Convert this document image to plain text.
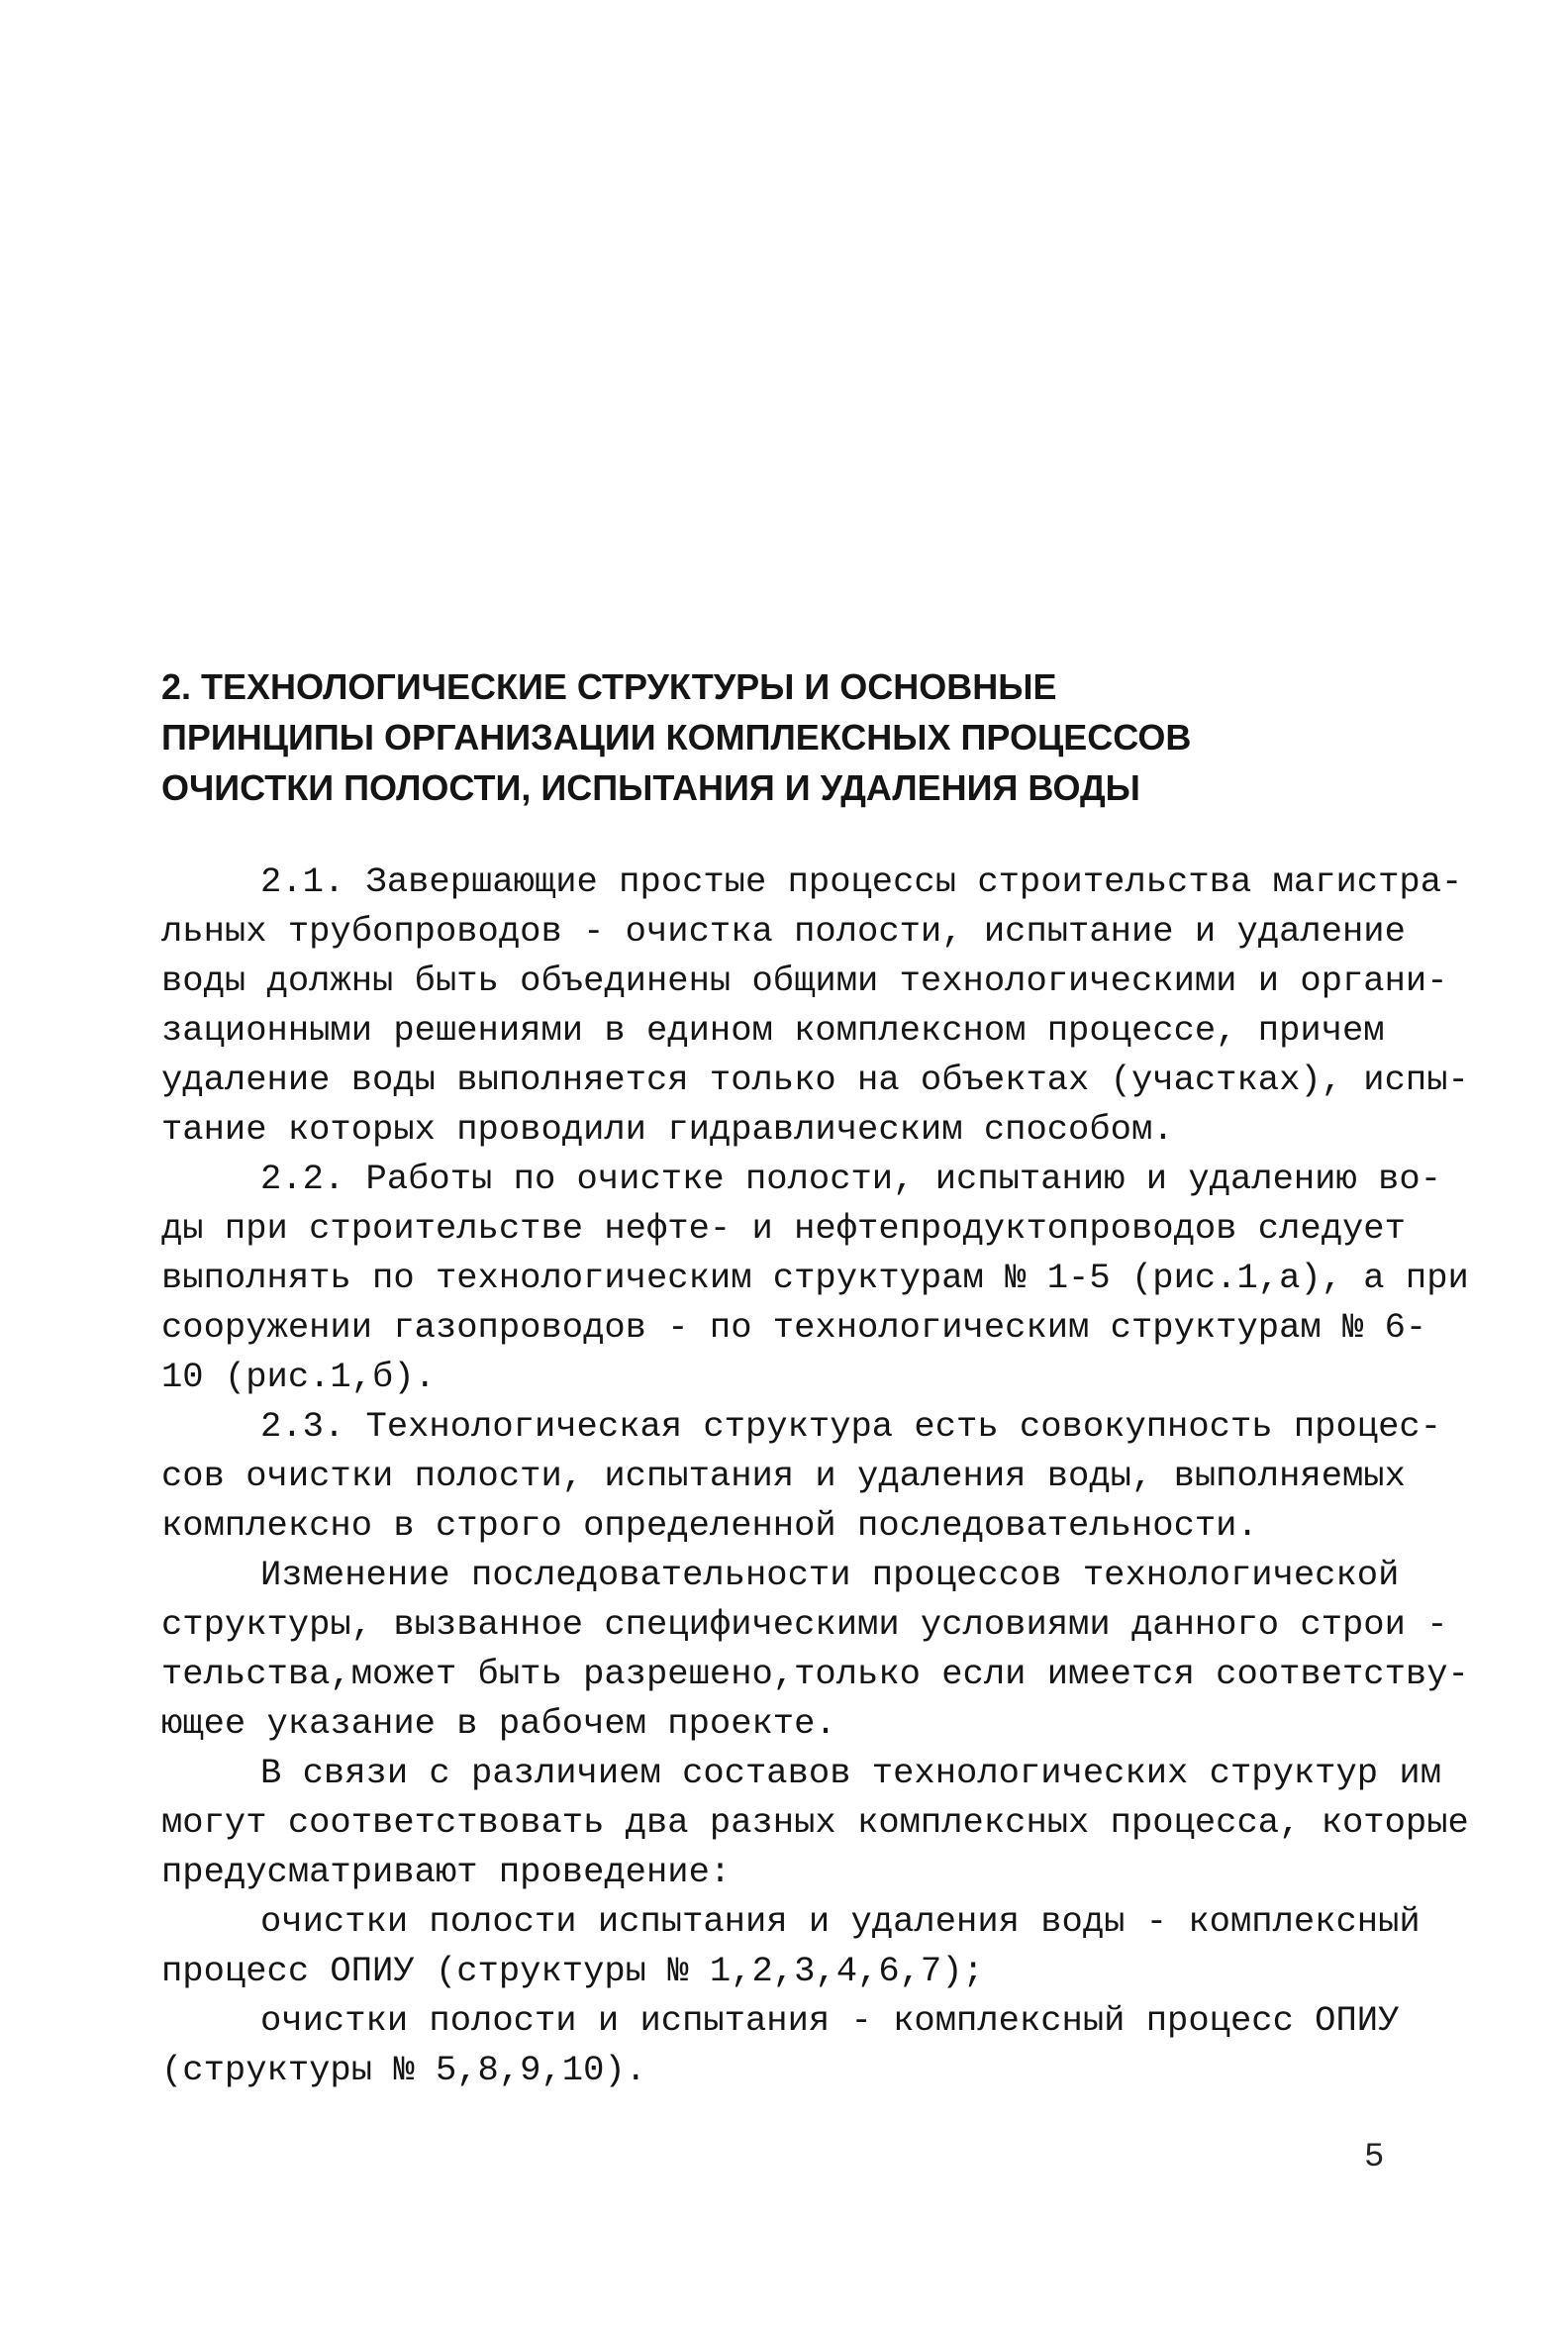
2. ТЕХНОЛОГИЧЕСКИЕ СТРУКТУРЫ И ОСНОВНЫЕ
ПРИНЦИПЫ ОРГАНИЗАЦИИ КОМПЛЕКСНЫХ ПРОЦЕССОВ
ОЧИСТКИ ПОЛОСТИ, ИСПЫТАНИЯ И УДАЛЕНИЯ ВОДЫ
2.1. Завершающие простые процессы строительства магистра-
льных трубопроводов - очистка полости, испытание и удаление
воды должны быть объединены общими технологическими и органи-
зационными решениями в едином комплексном процессе, причем
удаление воды выполняется только на объектах (участках), испы-
тание которых проводили гидравлическим способом.
2.2. Работы по очистке полости, испытанию и удалению во-
ды при строительстве нефте- и нефтепродуктопроводов следует
выполнять по технологическим структурам № 1-5 (рис.1,а), а при
сооружении газопроводов - по технологическим структурам № 6-
10 (рис.1,б).
2.3. Технологическая структура есть совокупность процес-
сов очистки полости, испытания и удаления воды, выполняемых
комплексно в строго определенной последовательности.
Изменение последовательности процессов технологической
структуры, вызванное специфическими условиями данного строи -
тельства,может быть разрешено,только если имеется соответству-
ющее указание в рабочем проекте.
В связи с различием составов технологических структур им
могут соответствовать два разных комплексных процесса, которые
предусматривают проведение:
очистки полости испытания и удаления воды - комплексный
процесс ОПИУ (структуры № 1,2,3,4,6,7);
очистки полости и испытания - комплексный процесс ОПИУ
(структуры № 5,8,9,10).
5
